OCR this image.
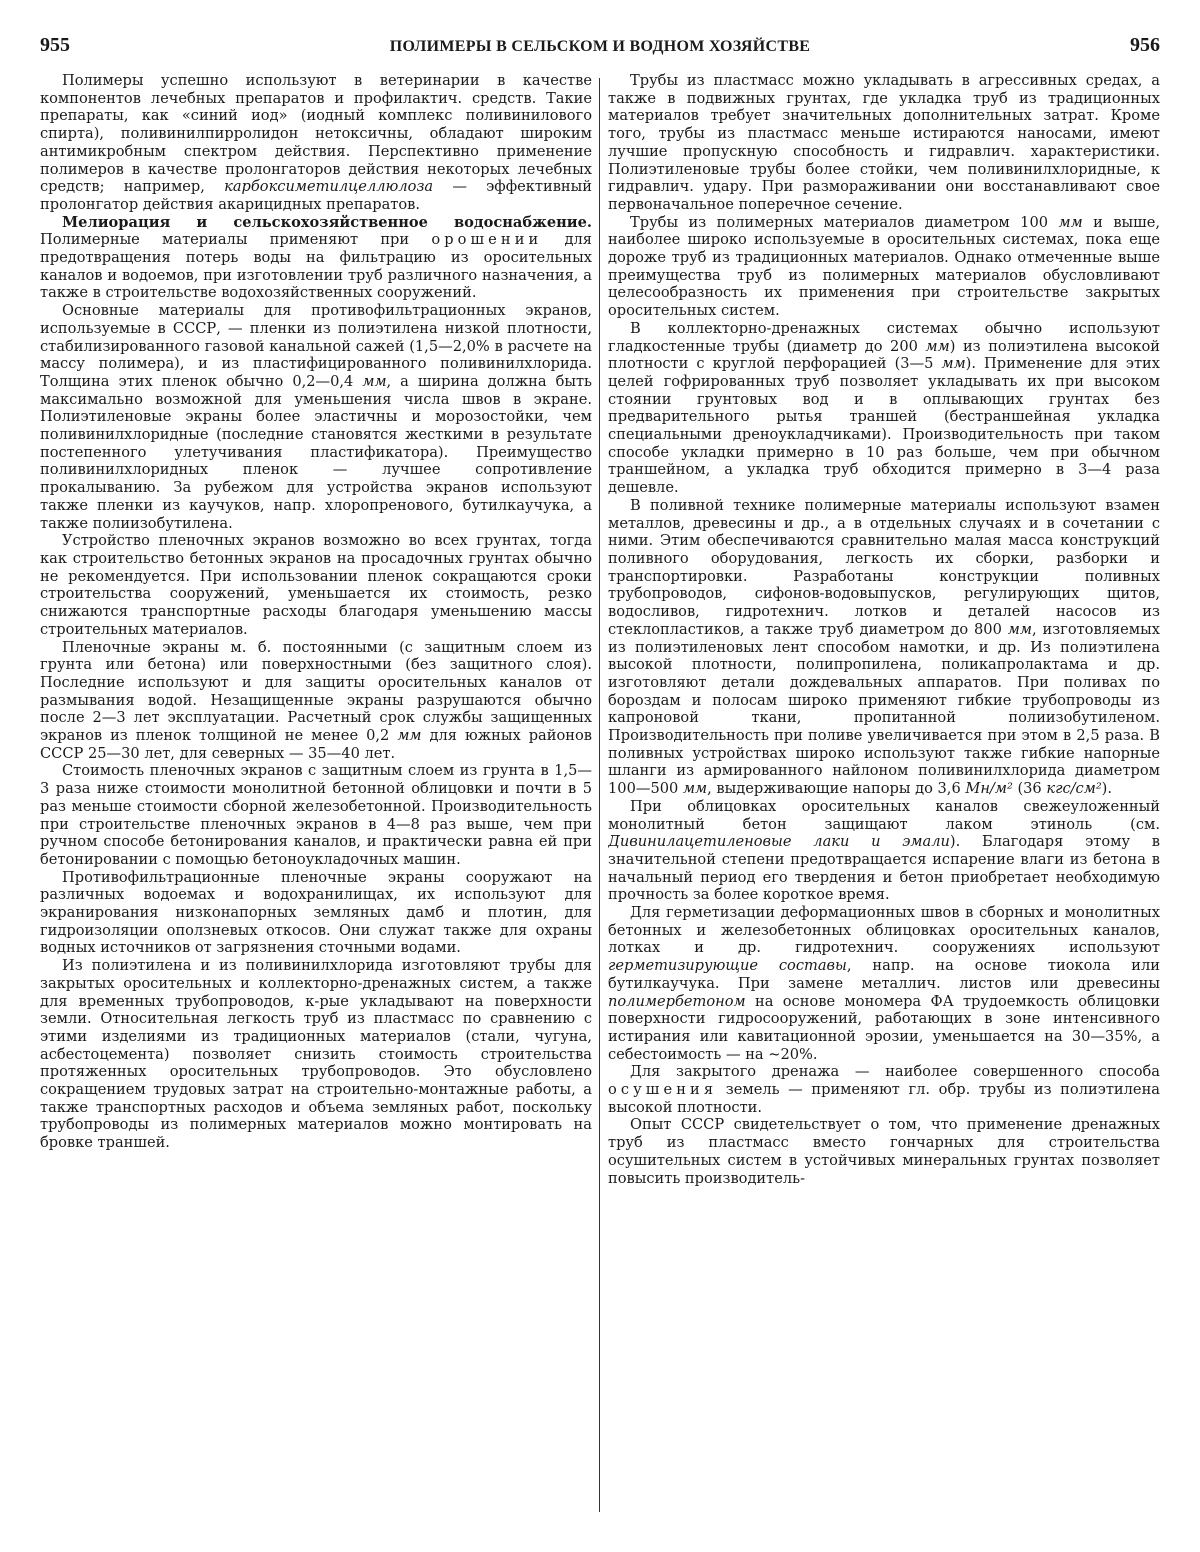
955	ПОЛИМЕРЫ В СЕЛЬСКОМ И ВОДНОМ ХОЗЯЙСТВЕ	956

Полимеры успешно используют в ветеринарии в качестве компонентов лечебных препаратов и профилактич. средств. Такие препараты, как «синий иод» (иодный комплекс поливинилового спирта), поливинилпирролидон нетоксичны, обладают широким антимикробным спектром действия. Перспективно применение полимеров в качестве пролонгаторов действия некоторых лечебных средств; например, карбоксиметилцеллюлоза — эффективный пролонгатор действия акарицидных препаратов.

Мелиорация и сельскохозяйственное водоснабжение. Полимерные материалы применяют при орошении для предотвращения потерь воды на фильтрацию из оросительных каналов и водоемов, при изготовлении труб различного назначения, а также в строительстве водохозяйственных сооружений.

Основные материалы для противофильтрационных экранов, используемые в СССР, — пленки из полиэтилена низкой плотности, стабилизированного газовой канальной сажей (1,5—2,0% в расчете на массу полимера), и из пластифицированного поливинилхлорида. Толщина этих пленок обычно 0,2—0,4 мм, а ширина должна быть максимально возможной для уменьшения числа швов в экране. Полиэтиленовые экраны более эластичны и морозостойки, чем поливинилхлоридные (последние становятся жесткими в результате постепенного улетучивания пластификатора). Преимущество поливинилхлоридных пленок — лучшее сопротивление прокалыванию. За рубежом для устройства экранов используют также пленки из каучуков, напр. хлоропренового, бутилкаучука, а также полиизобутилена.

Устройство пленочных экранов возможно во всех грунтах, тогда как строительство бетонных экранов на просадочных грунтах обычно не рекомендуется. При использовании пленок сокращаются сроки строительства сооружений, уменьшается их стоимость, резко снижаются транспортные расходы благодаря уменьшению массы строительных материалов.

Пленочные экраны м. б. постоянными (с защитным слоем из грунта или бетона) или поверхностными (без защитного слоя). Последние используют и для защиты оросительных каналов от размывания водой. Незащищенные экраны разрушаются обычно после 2—3 лет эксплуатации. Расчетный срок службы защищенных экранов из пленок толщиной не менее 0,2 мм для южных районов СССР 25—30 лет, для северных — 35—40 лет.

Стоимость пленочных экранов с защитным слоем из грунта в 1,5—3 раза ниже стоимости монолитной бетонной облицовки и почти в 5 раз меньше стоимости сборной железобетонной. Производительность при строительстве пленочных экранов в 4—8 раз выше, чем при ручном способе бетонирования каналов, и практически равна ей при бетонировании с помощью бетоноукладочных машин.

Противофильтрационные пленочные экраны сооружают на различных водоемах и водохранилищах, их используют для экранирования низконапорных земляных дамб и плотин, для гидроизоляции оползневых откосов. Они служат также для охраны водных источников от загрязнения сточными водами.

Из полиэтилена и из поливинилхлорида изготовляют трубы для закрытых оросительных и коллекторно-дренажных систем, а также для временных трубопроводов, к-рые укладывают на поверхности земли. Относительная легкость труб из пластмасс по сравнению с этими изделиями из традиционных материалов (стали, чугуна, асбестоцемента) позволяет снизить стоимость строительства протяженных оросительных трубопроводов. Это обусловлено сокращением трудовых затрат на строительно-монтажные работы, а также транспортных расходов и объема земляных работ, поскольку трубопроводы из полимерных материалов можно монтировать на бровке траншей.

Трубы из пластмасс можно укладывать в агрессивных средах, а также в подвижных грунтах, где укладка труб из традиционных материалов требует значительных дополнительных затрат. Кроме того, трубы из пластмасс меньше истираются наносами, имеют лучшие пропускную способность и гидравлич. характеристики. Полиэтиленовые трубы более стойки, чем поливинилхлоридные, к гидравлич. удару. При размораживании они восстанавливают свое первоначальное поперечное сечение.

Трубы из полимерных материалов диаметром 100 мм и выше, наиболее широко используемые в оросительных системах, пока еще дороже труб из традиционных материалов. Однако отмеченные выше преимущества труб из полимерных материалов обусловливают целесообразность их применения при строительстве закрытых оросительных систем.

В коллекторно-дренажных системах обычно используют гладкостенные трубы (диаметр до 200 мм) из полиэтилена высокой плотности с круглой перфорацией (3—5 мм). Применение для этих целей гофрированных труб позволяет укладывать их при высоком стоянии грунтовых вод и в оплывающих грунтах без предварительного рытья траншей (бестраншейная укладка специальными дреноукладчиками). Производительность при таком способе укладки примерно в 10 раз больше, чем при обычном траншейном, а укладка труб обходится примерно в 3—4 раза дешевле.

В поливной технике полимерные материалы используют взамен металлов, древесины и др., а в отдельных случаях и в сочетании с ними. Этим обеспечиваются сравнительно малая масса конструкций поливного оборудования, легкость их сборки, разборки и транспортировки. Разработаны конструкции поливных трубопроводов, сифонов-водовыпусков, регулирующих щитов, водосливов, гидротехнич. лотков и деталей насосов из стеклопластиков, а также труб диаметром до 800 мм, изготовляемых из полиэтиленовых лент способом намотки, и др. Из полиэтилена высокой плотности, полипропилена, поликапролактама и др. изготовляют детали дождевальных аппаратов. При поливах по бороздам и полосам широко применяют гибкие трубопроводы из капроновой ткани, пропитанной полиизобутиленом. Производительность при поливе увеличивается при этом в 2,5 раза. В поливных устройствах широко используют также гибкие напорные шланги из армированного найлоном поливинилхлорида диаметром 100—500 мм, выдерживающие напоры до 3,6 Мн/м² (36 кгс/см²).

При облицовках оросительных каналов свежеуложенный монолитный бетон защищают лаком этиноль (см. Дивинилацетиленовые лаки и эмали). Благодаря этому в значительной степени предотвращается испарение влаги из бетона в начальный период его твердения и бетон приобретает необходимую прочность за более короткое время.

Для герметизации деформационных швов в сборных и монолитных бетонных и железобетонных облицовках оросительных каналов, лотках и др. гидротехнич. сооружениях используют герметизирующие составы, напр. на основе тиокола или бутилкаучука. При замене металлич. листов или древесины полимербетоном на основе мономера ФА трудоемкость облицовки поверхности гидросооружений, работающих в зоне интенсивного истирания или кавитационной эрозии, уменьшается на 30—35%, а себестоимость — на ~20%.

Для закрытого дренажа — наиболее совершенного способа осушения земель — применяют гл. обр. трубы из полиэтилена высокой плотности.

Опыт СССР свидетельствует о том, что применение дренажных труб из пластмасс вместо гончарных для строительства осушительных систем в устойчивых минеральных грунтах позволяет повысить производитель-
